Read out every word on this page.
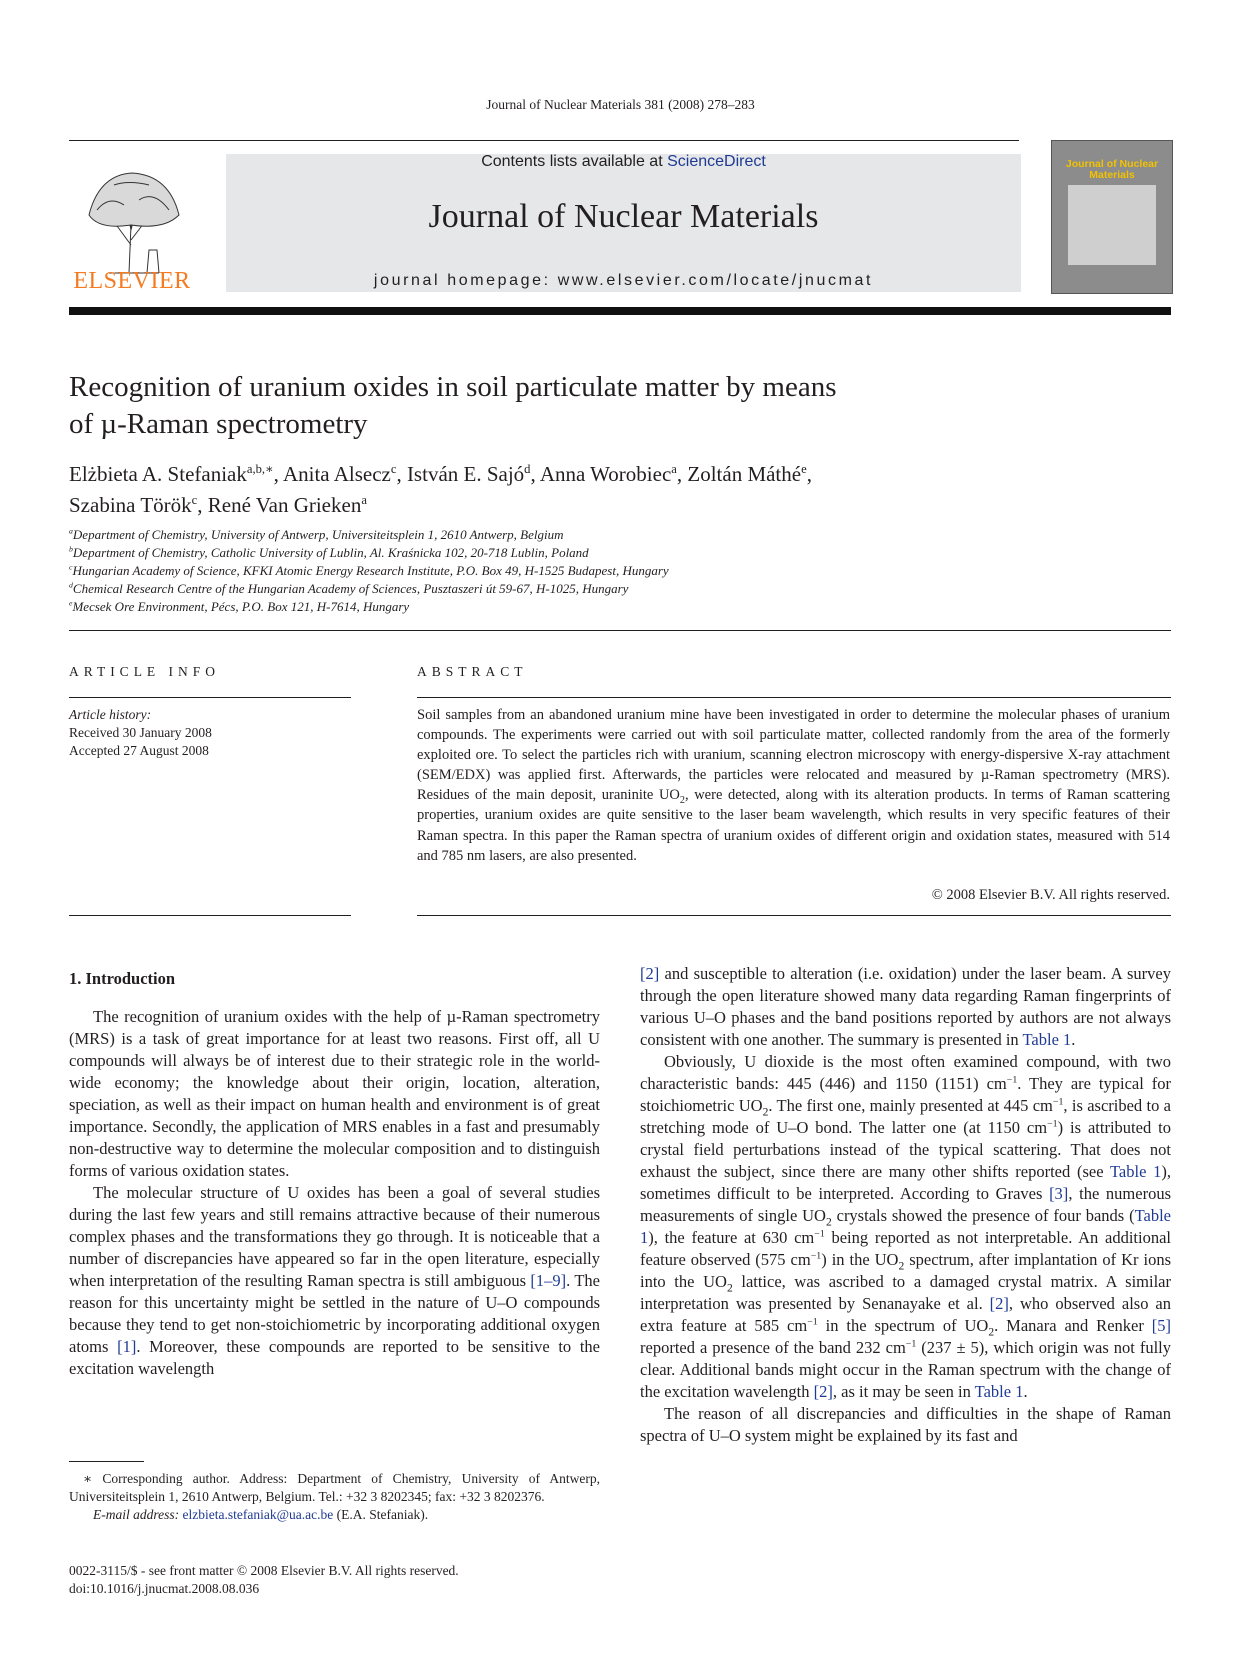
Journal of Nuclear Materials 381 (2008) 278–283
ELSEVIER
Contents lists available at ScienceDirect
Journal of Nuclear Materials
journal homepage: www.elsevier.com/locate/jnucmat
Journal of Nuclear Materials
Recognition of uranium oxides in soil particulate matter by means
of µ-Raman spectrometry
Elżbieta A. Stefaniak$^{a,b,∗}$, Anita Alsecz$^c$, István E. Sajó$^d$, Anna Worobiec$^a$, Zoltán Máthé$^e$,
Szabina Török$^c$, René Van Grieken$^a$
$^a$Department of Chemistry, University of Antwerp, Universiteitsplein 1, 2610 Antwerp, Belgium
$^b$Department of Chemistry, Catholic University of Lublin, Al. Kraśnicka 102, 20-718 Lublin, Poland
$^c$Hungarian Academy of Science, KFKI Atomic Energy Research Institute, P.O. Box 49, H-1525 Budapest, Hungary
$^d$Chemical Research Centre of the Hungarian Academy of Sciences, Pusztaszeri út 59-67, H-1025, Hungary
$^e$Mecsek Ore Environment, Pécs, P.O. Box 121, H-7614, Hungary
ARTICLE INFO
Article history:
Received 30 January 2008
Accepted 27 August 2008
ABSTRACT
Soil samples from an abandoned uranium mine have been investigated in order to determine the molecular phases of uranium compounds. The experiments were carried out with soil particulate matter, collected randomly from the area of the formerly exploited ore. To select the particles rich with uranium, scanning electron microscopy with energy-dispersive X-ray attachment (SEM/EDX) was applied first. Afterwards, the particles were relocated and measured by µ-Raman spectrometry (MRS). Residues of the main deposit, uraninite $UO_2$, were detected, along with its alteration products. In terms of Raman scattering properties, uranium oxides are quite sensitive to the laser beam wavelength, which results in very specific features of their Raman spectra. In this paper the Raman spectra of uranium oxides of different origin and oxidation states, measured with 514 and 785 nm lasers, are also presented.
© 2008 Elsevier B.V. All rights reserved.
1. Introduction

The recognition of uranium oxides with the help of µ-Raman spectrometry (MRS) is a task of great importance for at least two reasons. First off, all U compounds will always be of interest due to their strategic role in the world-wide economy; the knowledge about their origin, location, alteration, speciation, as well as their impact on human health and environment is of great importance. Secondly, the application of MRS enables in a fast and presumably non-destructive way to determine the molecular composition and to distinguish forms of various oxidation states.

The molecular structure of U oxides has been a goal of several studies during the last few years and still remains attractive because of their numerous complex phases and the transformations they go through. It is noticeable that a number of discrepancies have appeared so far in the open literature, especially when interpretation of the resulting Raman spectra is still ambiguous [1–9]. The reason for this uncertainty might be settled in the nature of U–O compounds because they tend to get non-stoichiometric by incorporating additional oxygen atoms [1]. Moreover, these compounds are reported to be sensitive to the excitation wavelength

[2] and susceptible to alteration (i.e. oxidation) under the laser beam. A survey through the open literature showed many data regarding Raman fingerprints of various U–O phases and the band positions reported by authors are not always consistent with one another. The summary is presented in Table 1.

Obviously, U dioxide is the most often examined compound, with two characteristic bands: 445 (446) and 1150 (1151) $cm^{-1}$. They are typical for stoichiometric $UO_2$. The first one, mainly presented at 445 $cm^{-1}$, is ascribed to a stretching mode of U–O bond. The latter one (at 1150 $cm^{-1}$) is attributed to crystal field perturbations instead of the typical scattering. That does not exhaust the subject, since there are many other shifts reported (see Table 1), sometimes difficult to be interpreted. According to Graves [3], the numerous measurements of single $UO_2$ crystals showed the presence of four bands (Table 1), the feature at 630 $cm^{-1}$ being reported as not interpretable. An additional feature observed (575 $cm^{-1}$) in the $UO_2$ spectrum, after implantation of Kr ions into the $UO_2$ lattice, was ascribed to a damaged crystal matrix. A similar interpretation was presented by Senanayake et al. [2], who observed also an extra feature at 585 $cm^{-1}$ in the spectrum of $UO_2$. Manara and Renker [5] reported a presence of the band 232 $cm^{-1}$ (237 ± 5), which origin was not fully clear. Additional bands might occur in the Raman spectrum with the change of the excitation wavelength [2], as it may be seen in Table 1.

The reason of all discrepancies and difficulties in the shape of Raman spectra of U–O system might be explained by its fast and

∗ Corresponding author. Address: Department of Chemistry, University of Antwerp, Universiteitsplein 1, 2610 Antwerp, Belgium. Tel.: +32 3 8202345; fax: +32 3 8202376.
E-mail address: elzbieta.stefaniak@ua.ac.be (E.A. Stefaniak).
0022-3115/$ - see front matter © 2008 Elsevier B.V. All rights reserved.
doi:10.1016/j.jnucmat.2008.08.036
